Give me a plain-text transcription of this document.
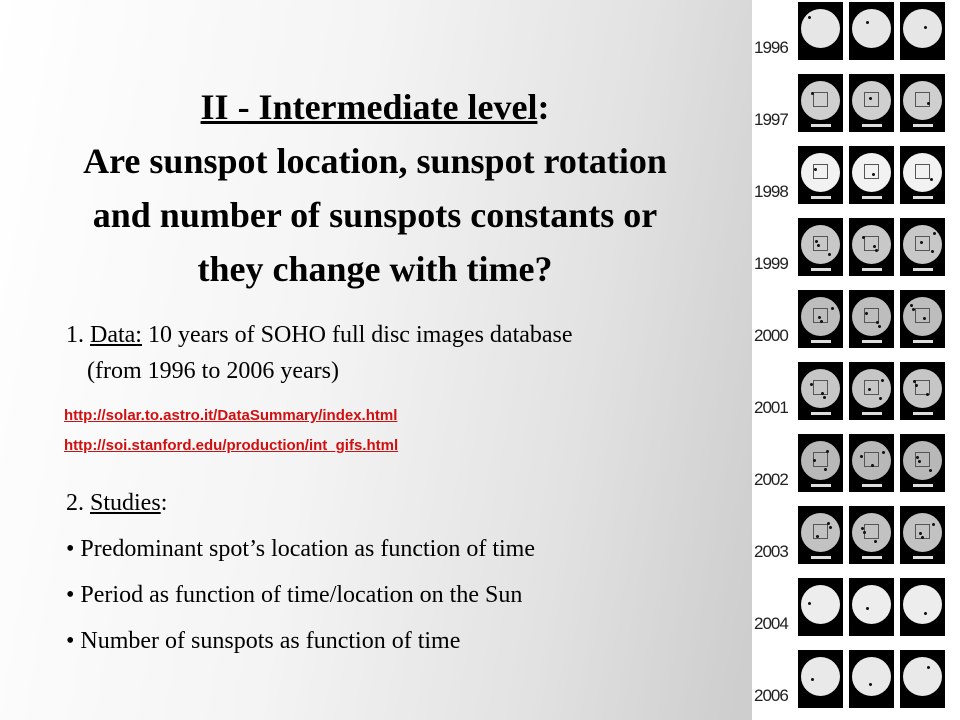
II - Intermediate level:
Are sunspot location, sunspot rotation
and number of sunspots constants or
they change with time?
1. Data: 10 years of SOHO full disc images database
(from 1996 to 2006 years)
http://solar.to.astro.it/DataSummary/index.html
http://soi.stanford.edu/production/int_gifs.html
2. Studies:
• Predominant spot’s location as function of time
• Period as function of time/location on the Sun
• Number of sunspots as function of time
1996
1997
1998
1999
2000
2001
2002
2003
2004
2006
